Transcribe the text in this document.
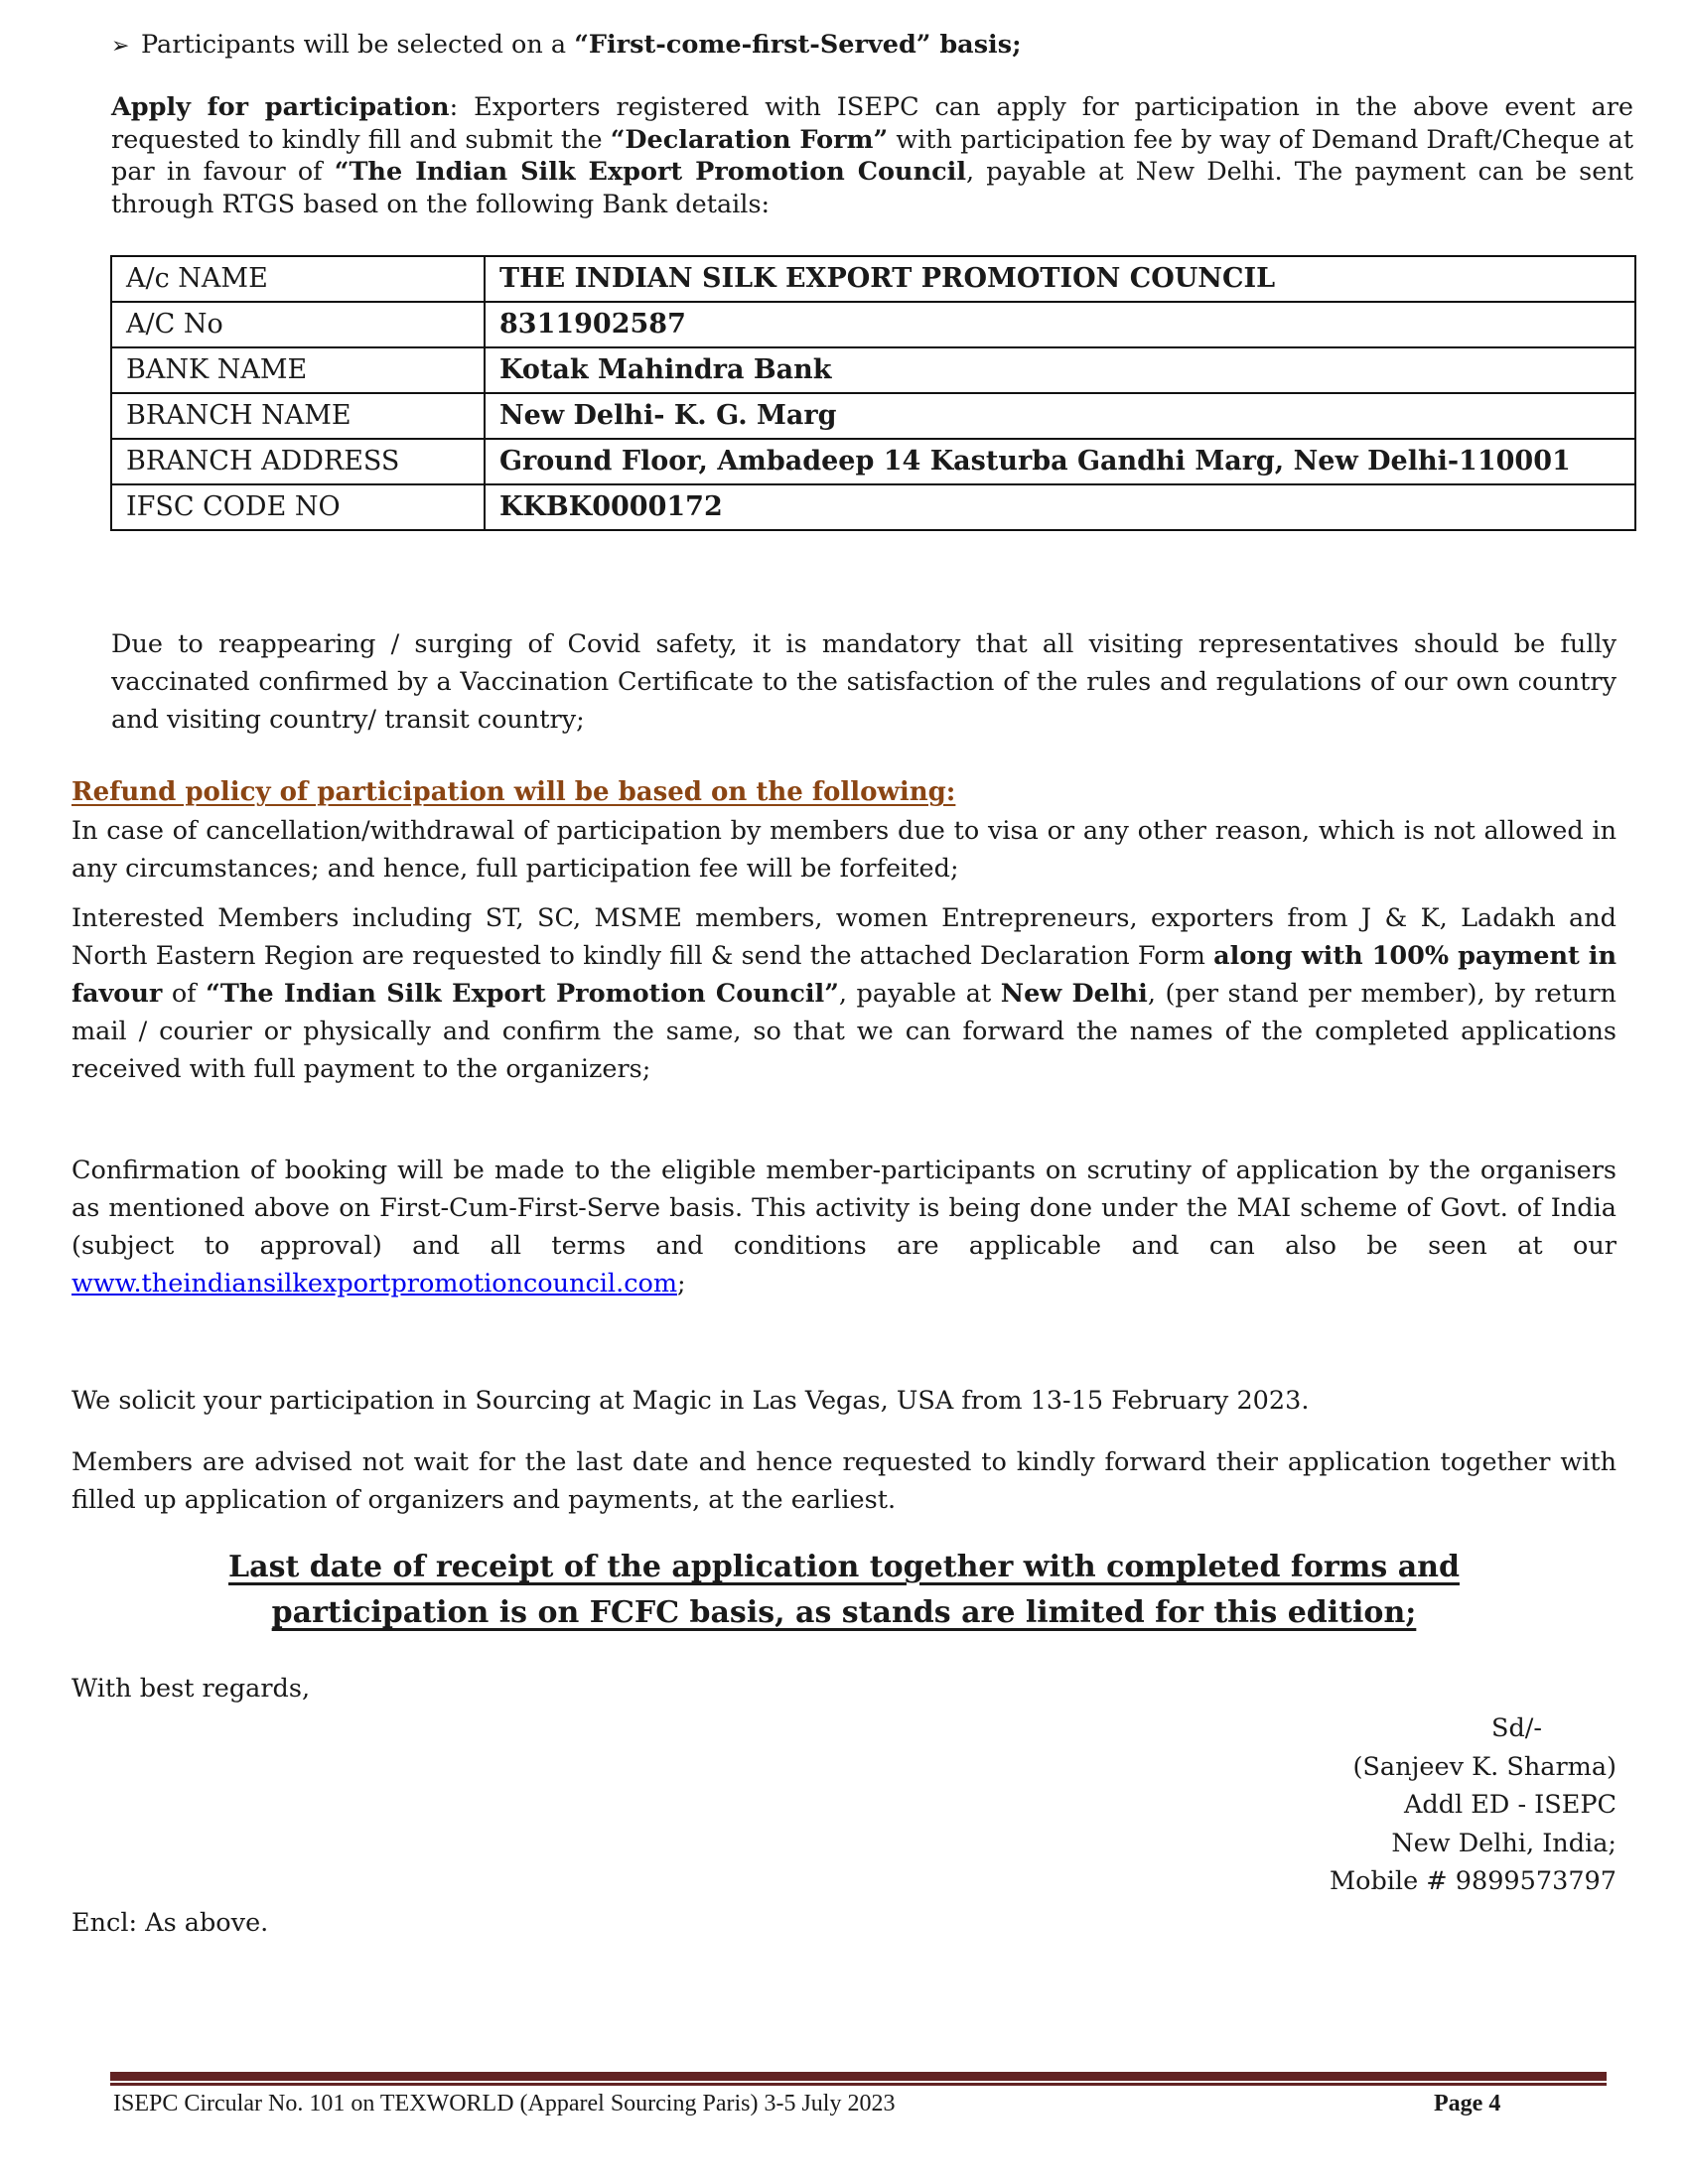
➢ Participants will be selected on a “First-come-first-Served” basis;
Apply for participation: Exporters registered with ISEPC can apply for participation in the above event are requested to kindly fill and submit the “Declaration Form” with participation fee by way of Demand Draft/Cheque at par in favour of “The Indian Silk Export Promotion Council, payable at New Delhi. The payment can be sent through RTGS based on the following Bank details:
A/c NAME	THE INDIAN SILK EXPORT PROMOTION COUNCIL
A/C No	8311902587
BANK NAME	Kotak Mahindra Bank
BRANCH NAME	New Delhi- K. G. Marg
BRANCH ADDRESS	Ground Floor, Ambadeep 14 Kasturba Gandhi Marg, New Delhi-110001
IFSC CODE NO	KKBK0000172
Due to reappearing / surging of Covid safety, it is mandatory that all visiting representatives should be fully vaccinated confirmed by a Vaccination Certificate to the satisfaction of the rules and regulations of our own country and visiting country/ transit country;
Refund policy of participation will be based on the following:
In case of cancellation/withdrawal of participation by members due to visa or any other reason, which is not allowed in any circumstances; and hence, full participation fee will be forfeited;
Interested Members including ST, SC, MSME members, women Entrepreneurs, exporters from J & K, Ladakh and North Eastern Region are requested to kindly fill & send the attached Declaration Form along with 100% payment in favour of “The Indian Silk Export Promotion Council”, payable at New Delhi, (per stand per member), by return mail / courier or physically and confirm the same, so that we can forward the names of the completed applications received with full payment to the organizers;
Confirmation of booking will be made to the eligible member-participants on scrutiny of application by the organisers as mentioned above on First-Cum-First-Serve basis. This activity is being done under the MAI scheme of Govt. of India (subject to approval) and all terms and conditions are applicable and can also be seen at our www.theindiansilkexportpromotioncouncil.com;
We solicit your participation in Sourcing at Magic in Las Vegas, USA from 13-15 February 2023.
Members are advised not wait for the last date and hence requested to kindly forward their application together with filled up application of organizers and payments, at the earliest.
Last date of receipt of the application together with completed forms and
participation is on FCFC basis, as stands are limited for this edition;
With best regards,
Sd/-
(Sanjeev K. Sharma)
Addl ED - ISEPC
New Delhi, India;
Mobile # 9899573797
Encl: As above.
ISEPC Circular No. 101 on TEXWORLD (Apparel Sourcing Paris) 3-5 July 2023	Page 4
